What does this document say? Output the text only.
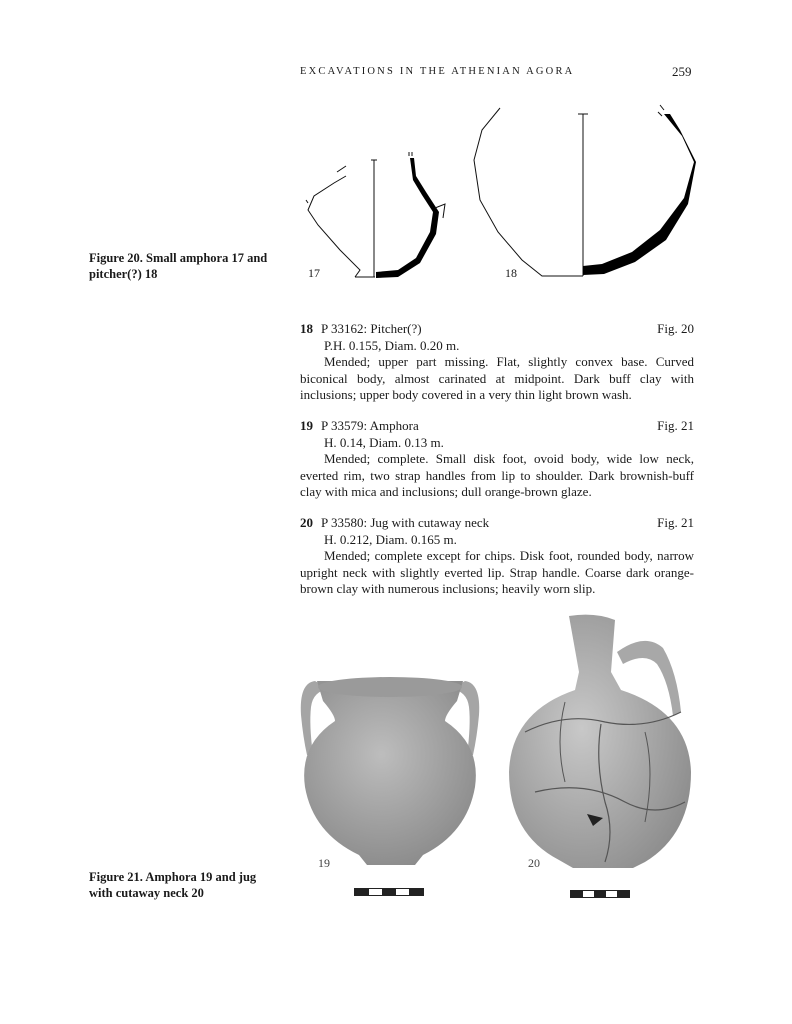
EXCAVATIONS IN THE ATHENIAN AGORA	259
Figure 20. Small amphora 17 and pitcher(?) 18	17	18
18 P 33162: Pitcher(?)	Fig. 20

P.H. 0.155, Diam. 0.20 m.

Mended; upper part missing. Flat, slightly convex base. Curved biconical body, almost carinated at midpoint. Dark buff clay with inclusions; upper body covered in a very thin light brown wash.

19 P 33579: Amphora	Fig. 21

H. 0.14, Diam. 0.13 m.

Mended; complete. Small disk foot, ovoid body, wide low neck, everted rim, two strap handles from lip to shoulder. Dark brownish-buff clay with mica and inclusions; dull orange-brown glaze.

20 P 33580: Jug with cutaway neck	Fig. 21

H. 0.212, Diam. 0.165 m.

Mended; complete except for chips. Disk foot, rounded body, narrow upright neck with slightly everted lip. Strap handle. Coarse dark orange-brown clay with numerous inclusions; heavily worn slip.

19	20
Figure 21. Amphora 19 and jug with cutaway neck 20
